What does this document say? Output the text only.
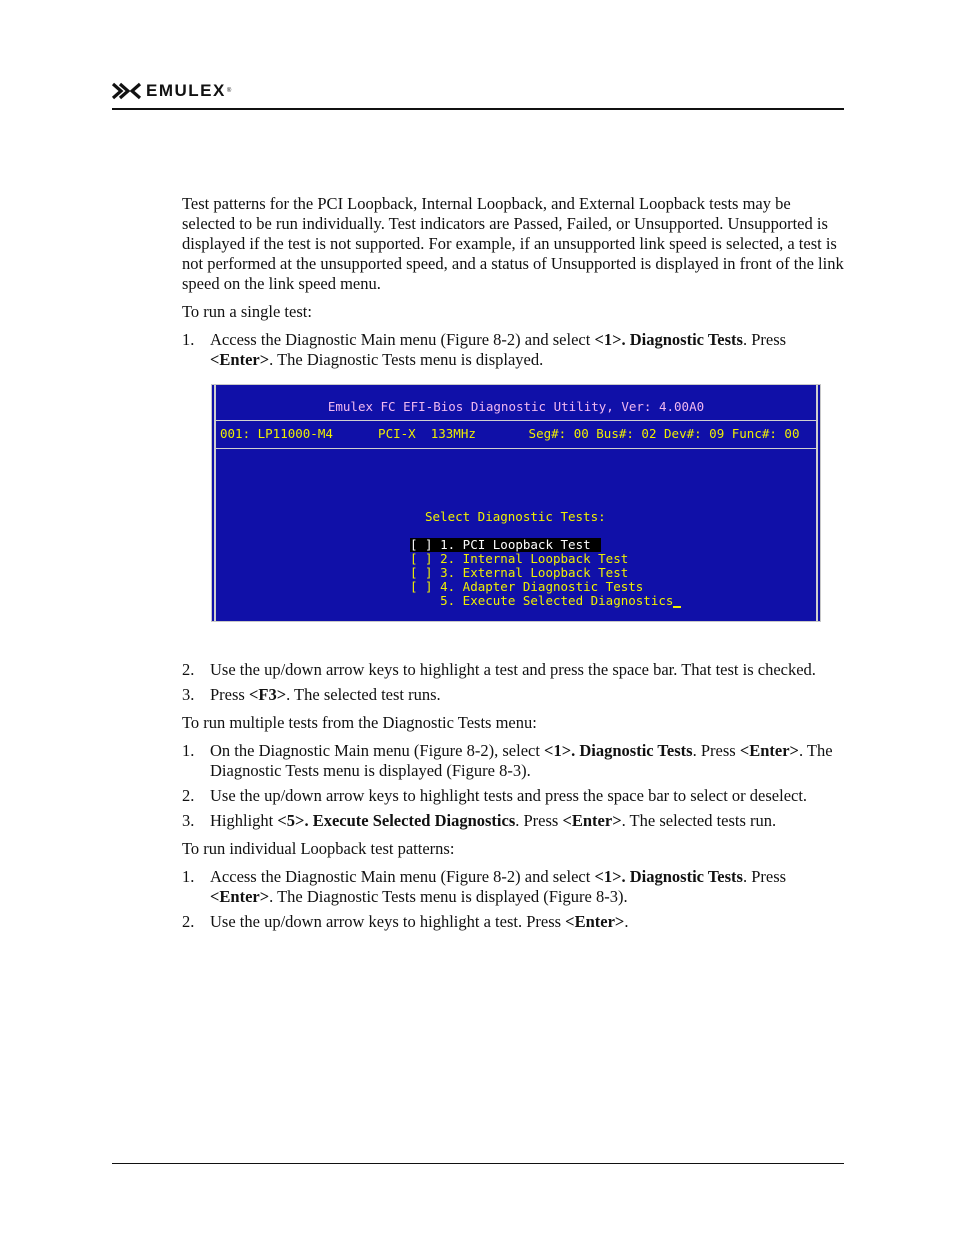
EMULEX ®

Test patterns for the PCI Loopback, Internal Loopback, and External Loopback tests may be selected to be run individually. Test indicators are Passed, Failed, or Unsupported. Unsupported is displayed if the test is not supported. For example, if an unsupported link speed is selected, a test is not performed at the unsupported speed, and a status of Unsupported is displayed in front of the link speed on the link speed menu.

To run a single test:

1. Access the Diagnostic Main menu (Figure 8-2) and select <1>. Diagnostic Tests. Press <Enter>. The Diagnostic Tests menu is displayed.
Emulex FC EFI-Bios Diagnostic Utility, Ver: 4.00A0
001: LP11000-M4      PCI-X  133MHz       Seg#: 00 Bus#: 02 Dev#: 09 Func#: 00
Select Diagnostic Tests:
[ ] 1. PCI Loopback Test
[ ] 2. Internal Loopback Test
[ ] 3. External Loopback Test
[ ] 4. Adapter Diagnostic Tests
5. Execute Selected Diagnostics
2. Use the up/down arrow keys to highlight a test and press the space bar. That test is checked.
3. Press <F3>. The selected test runs.

To run multiple tests from the Diagnostic Tests menu:

1. On the Diagnostic Main menu (Figure 8-2), select <1>. Diagnostic Tests. Press <Enter>. The Diagnostic Tests menu is displayed (Figure 8-3).
2. Use the up/down arrow keys to highlight tests and press the space bar to select or deselect.
3. Highlight <5>. Execute Selected Diagnostics. Press <Enter>. The selected tests run.

To run individual Loopback test patterns:

1. Access the Diagnostic Main menu (Figure 8-2) and select <1>. Diagnostic Tests. Press <Enter>. The Diagnostic Tests menu is displayed (Figure 8-3).
2. Use the up/down arrow keys to highlight a test. Press <Enter>.
